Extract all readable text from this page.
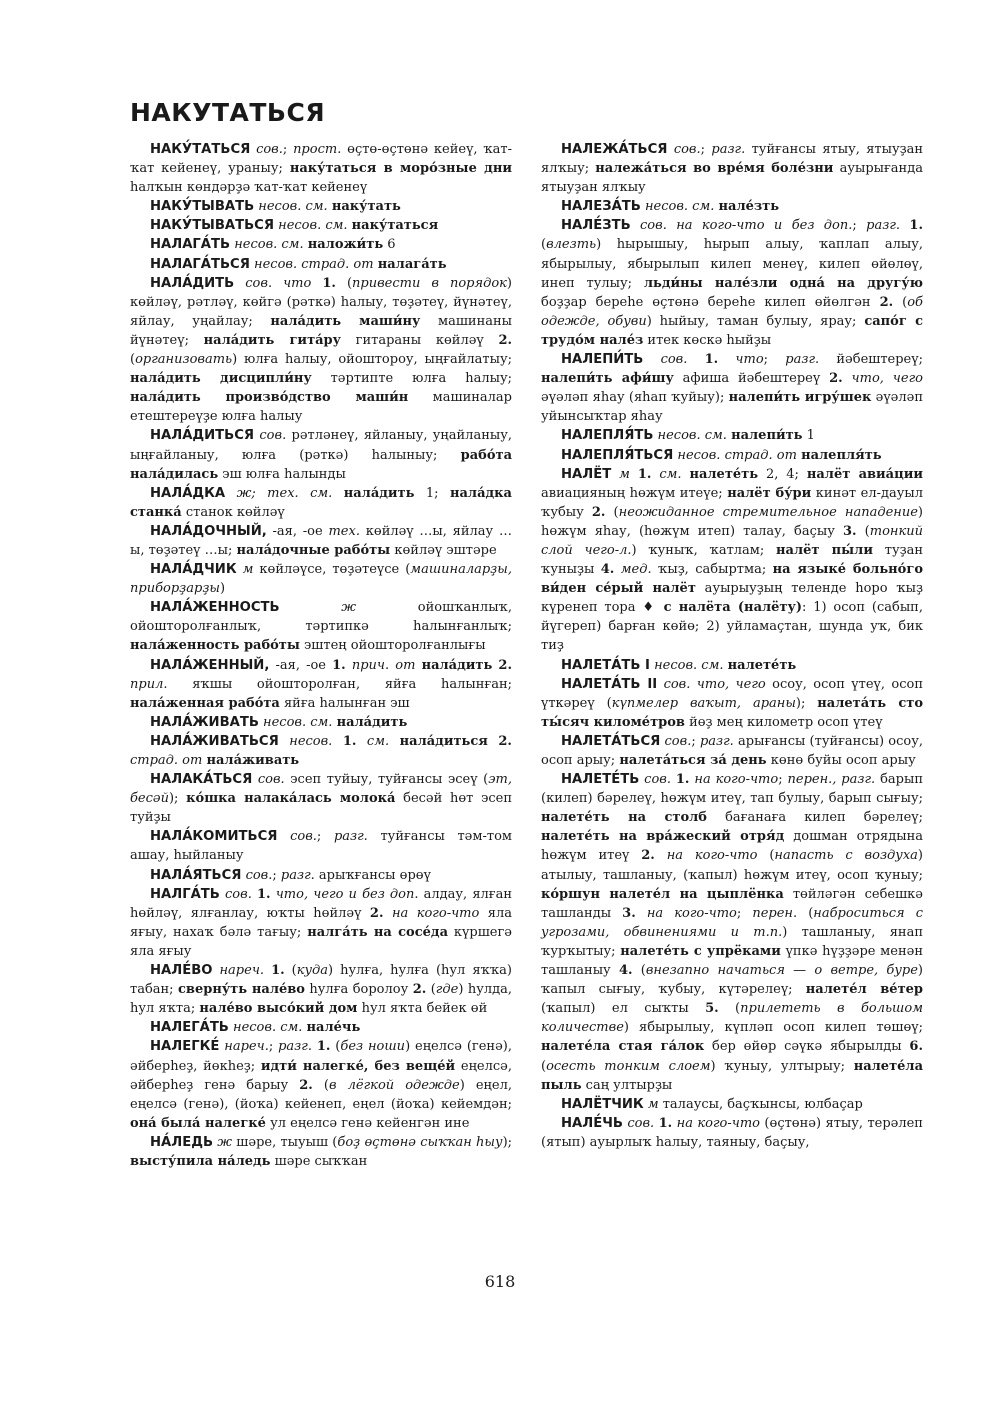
НАКУТАТЬСЯ

НАКУ́ТАТЬСЯ сов.; прост. өҫтө-өҫтөнә кейеү, ҡат-ҡат кейенеү, ураныу; наку́таться в моро́зные дни һалҡын көндәрҙә ҡат-ҡат кейенеү

НАКУ́ТЫВАТЬ несов. см. наку́тать

НАКУ́ТЫВАТЬСЯ несов. см. наку́таться

НАЛАГА́ТЬ несов. см. наложи́ть 6

НАЛАГА́ТЬСЯ несов. страд. от налага́ть

НАЛА́ДИТЬ сов. что 1. (привести в порядок) көйләү, рәтләү, көйгә (рәткә) һалыу, төҙәтеү, йүнәтеү, яйлау, уңайлау; нала́дить маши́ну машинаны йүнәтеү; нала́дить гита́ру гитараны көйләү 2. (организовать) юлға һалыу, ойоштороу, ыңғайлатыу; нала́дить дисципли́ну тәртипте юлға һалыу; нала́дить произво́дство маши́н машиналар етештереүҙе юлға һалыу

НАЛА́ДИТЬСЯ сов. рәтләнеү, яйланыу, уңайланыу, ыңғайланыу, юлға (рәткә) һалыныу; рабо́та нала́дилась эш юлға һалынды

НАЛА́ДКА ж; тех. см. нала́дить 1; нала́дка станка́ станок көйләү

НАЛА́ДОЧНЫЙ, -ая, -ое тех. көйләү …ы, яйлау …ы, төҙәтеү …ы; нала́дочные рабо́ты көйләү эштәре

НАЛА́ДЧИК м көйләүсе, төҙәтеүсе (машиналарҙы, приборҙарҙы)

НАЛА́ЖЕННОСТЬ	ж ойошҡанлыҡ, ойошторолғанлыҡ, тәртипкә һалынғанлыҡ; нала́женность рабо́ты эштең ойошторолғанлығы

НАЛА́ЖЕННЫЙ, -ая, -ое 1. прич. от нала́дить 2. прил. яҡшы ойошторолған, яйға һалынған; нала́женная рабо́та яйға һалынған эш

НАЛА́ЖИВАТЬ несов. см. нала́дить

НАЛА́ЖИВАТЬСЯ несов. 1. см. нала́диться 2. страд. от нала́живать

НАЛАКА́ТЬСЯ сов. эсеп туйыу, туйғансы эсеү (эт, бесәй); ко́шка налака́лась молока́ бесәй һөт эсеп туйҙы

НАЛА́КОМИТЬСЯ сов.; разг. туйғансы тәм-том ашау, һыйланыу

НАЛА́ЯТЬСЯ сов.; разг. арыҡғансы өрөү

НАЛГА́ТЬ сов. 1. что, чего и без доп. алдау, ялған һөйләү, ялғанлау, юҡты һөйләү 2. на кого-что яла яғыу, нахаҡ бәлә тағыу; налга́ть на сосе́да күршегә яла яғыу

НАЛЕ́ВО нареч. 1. (куда) һулға, һулға (һул яҡҡа) табан; сверну́ть нале́во һулға боролоу 2. (где) һулда, һул яҡта; нале́во высо́кий дом һул яҡта бейек өй

НАЛЕГА́ТЬ несов. см. нале́чь

НАЛЕГКЕ́ нареч.; разг. 1. (без ноши) еңелсә (генә), әйберһеҙ, йөкһеҙ; идти́ налегке́, без веще́й еңелсә, әйберһеҙ генә барыу 2. (в лёгкой одежде) еңел, еңелсә (генә), (йоҡа) кейенеп, еңел (йоҡа) кейемдән; она́ была́ налегке́ ул еңелсә генә кейенгән ине

НА́ЛЕДЬ ж шәре, тыуыш (боҙ өҫтөнә сыҡҡан һыу); высту́пила на́ледь шәре сыҡҡан

НАЛЕЖА́ТЬСЯ сов.; разг. туйғансы ятыу, ятыуҙан ялҡыу; належа́ться во вре́мя боле́зни ауырығанда ятыуҙан ялҡыу

НАЛЕЗА́ТЬ несов. см. нале́зть

НАЛЕ́ЗТЬ сов. на кого-что и без доп.; разг. 1. (влезть) һырышыу, һырып алыу, ҡаплап алыу, ябырылыу, ябырылып килеп менеү, килеп өйөлөү, инеп тулыу; льди́ны нале́зли одна́ на другу́ю боҙҙар береһе өҫтөнә береһе килеп өйөлгән 2. (об одежде, обуви) һыйыу, таман булыу, ярау; сапо́г с трудо́м нале́з итек көскә һыйҙы

НАЛЕПИ́ТЬ сов. 1. что; разг. йәбештереү; налепи́ть афи́шу афиша йәбештереү 2. что, чего әүәләп яһау (яһап ҡуйыу); налепи́ть игру́шек әүәләп уйынсыҡтар яһау

НАЛЕПЛЯ́ТЬ несов. см. налепи́ть 1

НАЛЕПЛЯ́ТЬСЯ несов. страд. от налепля́ть

НАЛЁТ м 1. см. налете́ть 2, 4; налёт авиа́ции авиацияның һөжүм итеүе; налёт бу́ри кинәт ел-дауыл ҡубыу 2. (неожиданное стремительное нападение) һөжүм яһау, (һөжүм итеп) талау, баҫыу 3. (тонкий слой чего-л.) ҡуныҡ, ҡатлам; налёт пы́ли туҙан ҡуныҙы 4. мед. ҡыҙ, сабыртма; на языке́ больно́го ви́ден се́рый налёт ауырыуҙың теленде һоро ҡыҙ күренеп тора ♦ с налёта (налёту): 1) осоп (сабып, йүгереп) барған көйө; 2) уйламаҫтан, шунда уҡ, бик тиҙ

НАЛЕТА́ТЬ I несов. см. налете́ть

НАЛЕТА́ТЬ II сов. что, чего осоу, осоп үтеү, осоп үткәреү (күпмелер ваҡыт, араны); налета́ть сто ты́сяч киломе́тров йөҙ мең километр осоп үтеү

НАЛЕТА́ТЬСЯ сов.; разг. арығансы (туйғансы) осоу, осоп арыу; налета́ться за́ день көнө буйы осоп арыу

НАЛЕТЕ́ТЬ сов. 1. на кого-что; перен., разг. барып (килеп) бәрелеү, һөжүм итеү, тап булыу, барып сығыу; налете́ть на столб бағанаға килеп бәрелеү; налете́ть на вра́жеский отря́д дошман отрядына һөжүм итеү 2. на кого-что (напасть с воздуха) атылыу, ташланыу, (ҡапыл) һөжүм итеү, осоп ҡуныу; ко́ршун налете́л на цыплёнка төйләгән себешкә ташланды 3. на кого-что; перен. (наброситься с угрозами, обвинениями и т.п.) ташланыу, янап ҡурҡытыу; налете́ть с упрёками үпкә һүҙҙәре менән ташланыу 4. (внезапно начаться — о ветре, буре) ҡапыл сығыу, ҡубыу, күтәрелеү; налете́л ве́тер (ҡапыл) ел сыҡты 5. (прилететь в большом количестве) ябырылыу, күпләп осоп килеп төшөү; налете́ла стая га́лок бер өйөр сәүкә ябырылды 6. (осесть тонким слоем) ҡуныу, ултырыу; налете́ла пыль саң ултырҙы

НАЛЁТЧИК м талаусы, баҫҡынсы, юлбаҫар

НАЛЕ́ЧЬ сов. 1. на кого-что (өҫтөнә) ятыу, терәлеп (ятып) ауырлыҡ һалыу, таяныу, баҫыу,

618
